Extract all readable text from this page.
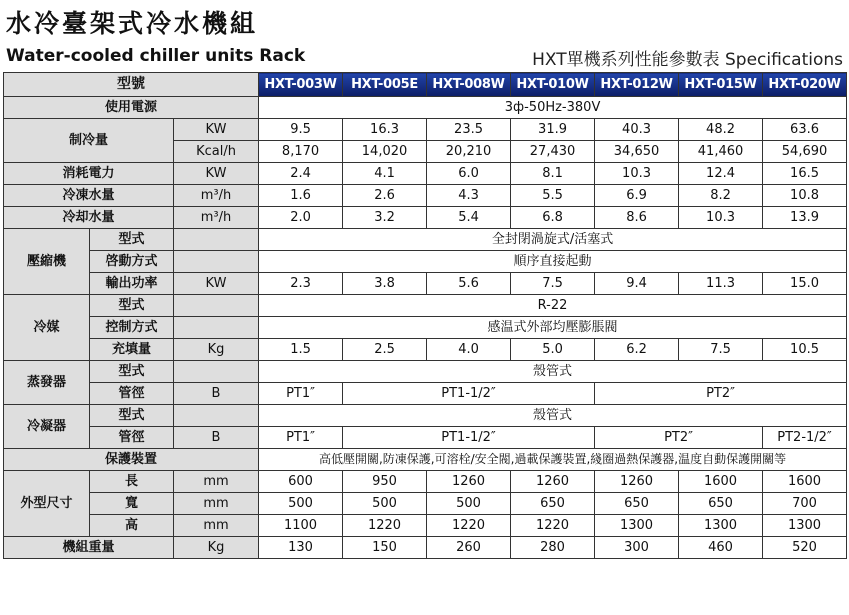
水冷臺架式冷水機組
Water-cooled chiller units Rack	HXT單機系列性能參數表 Specifications
型號			HXT-003W	HXT-005E	HXT-008W	HXT-010W	HXT-012W	HXT-015W	HXT-020W
使用電源			3ф-50Hz-380V						
制冷量		KW	9.5	16.3	23.5	31.9	40.3	48.2	63.6
		Kcal/h	8,170	14,020	20,210	27,430	34,650	41,460	54,690
消耗電力		KW	2.4	4.1	6.0	8.1	10.3	12.4	16.5
冷凍水量		m³/h	1.6	2.6	4.3	5.5	6.9	8.2	10.8
冷却水量		m³/h	2.0	3.2	5.4	6.8	8.6	10.3	13.9
壓縮機	型式		全封閉渦旋式/活塞式						
	啓動方式		順序直接起動						
	輸出功率	KW	2.3	3.8	5.6	7.5	9.4	11.3	15.0
冷媒	型式		R-22						
	控制方式		感温式外部均壓膨脹閥						
	充填量	Kg	1.5	2.5	4.0	5.0	6.2	7.5	10.5
蒸發器	型式		殼管式						
	管徑	B	PT1″	PT1-1/2″			PT2″		
冷凝器	型式		殼管式						
	管徑	B	PT1″	PT1-1/2″			PT2″		PT2-1/2″
保護裝置			高低壓開關,防凍保護,可溶栓/安全閥,過載保護裝置,綫圈過熱保護器,温度自動保護開關等						
外型尺寸	長	mm	600	950	1260	1260	1260	1600	1600
	寬	mm	500	500	500	650	650	650	700
	高	mm	1100	1220	1220	1220	1300	1300	1300
機組重量		Kg	130	150	260	280	300	460	520
